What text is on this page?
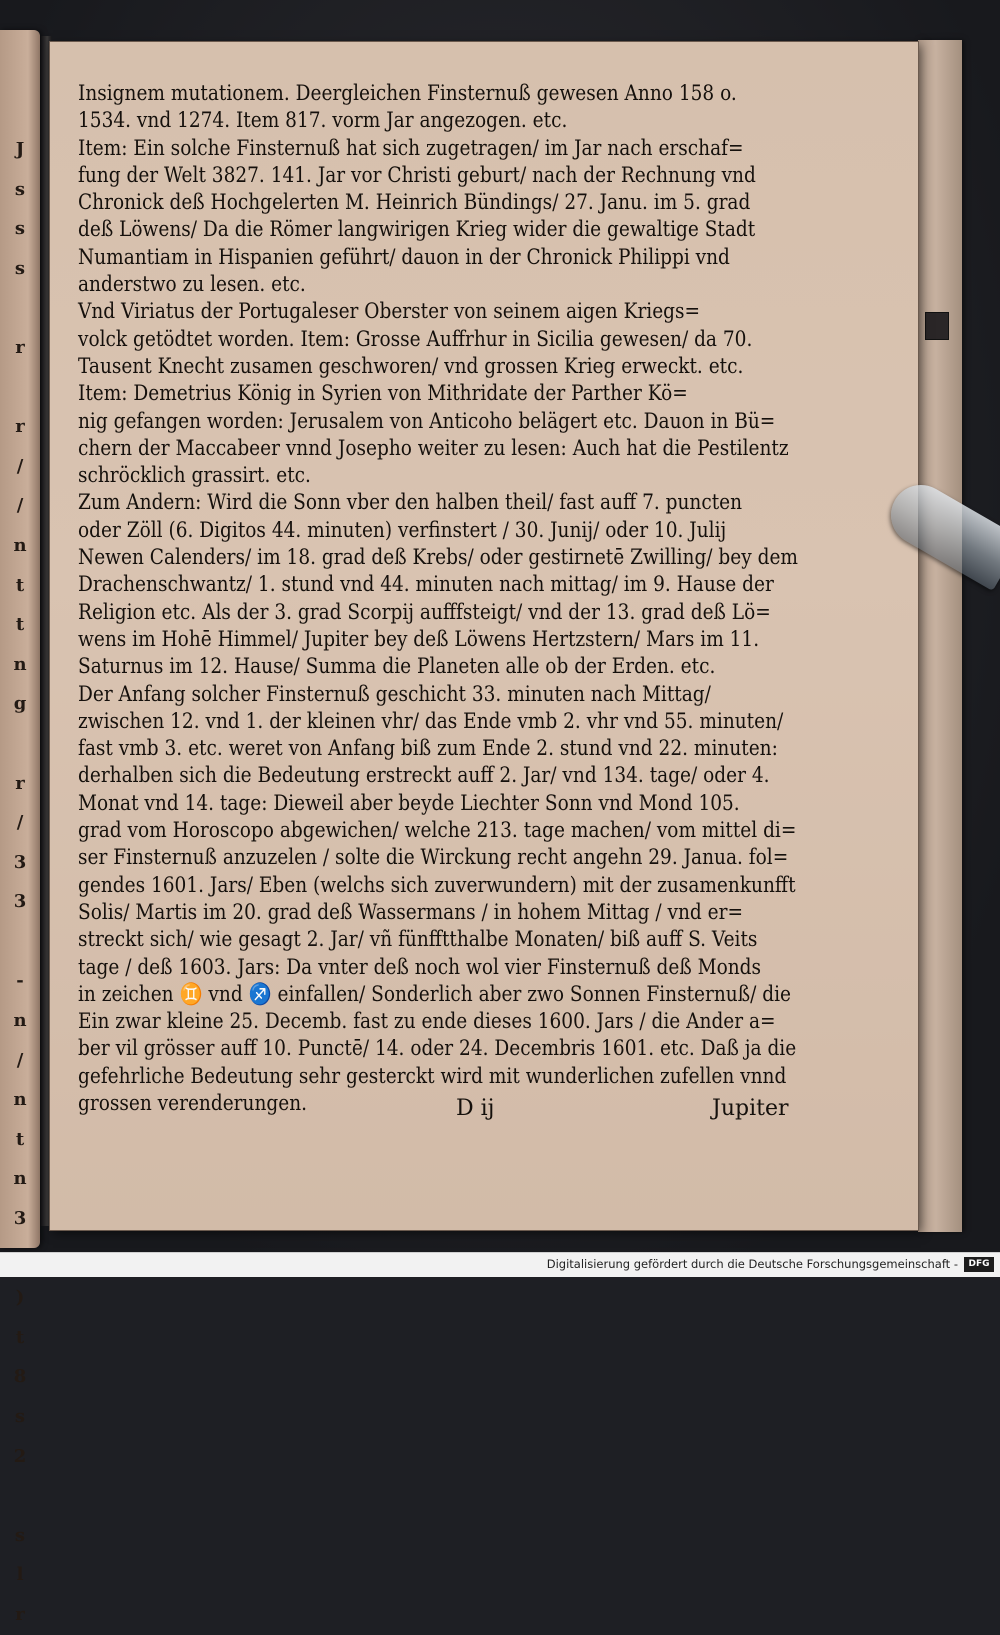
J
s
s
s

r

r
/
/
n
t
t
n
g

r
/
3
3

-
n
/
n
t
n
3

)
t
8
s
2

s
l
r
Insignem mutationem. Deergleichen Finsternuß gewesen Anno 158 o.
1534. vnd 1274. Item 817. vorm Jar angezogen. etc.
Item: Ein solche Finsternuß hat sich zugetragen/ im Jar nach erschaf=
fung der Welt 3827. 141. Jar vor Christi geburt/ nach der Rechnung vnd
Chronick deß Hochgelerten M. Heinrich Bündings/ 27. Janu. im 5. grad
deß Löwens/ Da die Römer langwirigen Krieg wider die gewaltige Stadt
Numantiam in Hispanien geführt/ dauon in der Chronick Philippi vnd
anderstwo zu lesen. etc.
Vnd Viriatus der Portugaleser Oberster von seinem aigen Kriegs=
volck getödtet worden. Item: Grosse Auffrhur in Sicilia gewesen/ da 70.
Tausent Knecht zusamen geschworen/ vnd grossen Krieg erweckt. etc.
Item: Demetrius König in Syrien von Mithridate der Parther Kö=
nig gefangen worden: Jerusalem von Anticoho belägert etc. Dauon in Bü=
chern der Maccabeer vnnd Josepho weiter zu lesen: Auch hat die Pestilentz
schröcklich grassirt. etc.
Zum Andern: Wird die Sonn vber den halben theil/ fast auff 7. puncten
oder Zöll (6. Digitos 44. minuten) verfinstert / 30. Junij/ oder 10. Julij
Newen Calenders/ im 18. grad deß Krebs/ oder gestirnetē Zwilling/ bey dem
Drachenschwantz/ 1. stund vnd 44. minuten nach mittag/ im 9. Hause der
Religion etc. Als der 3. grad Scorpij aufffsteigt/ vnd der 13. grad deß Lö=
wens im Hohē Himmel/ Jupiter bey deß Löwens Hertzstern/ Mars im 11.
Saturnus im 12. Hause/ Summa die Planeten alle ob der Erden. etc.
Der Anfang solcher Finsternuß geschicht 33. minuten nach Mittag/
zwischen 12. vnd 1. der kleinen vhr/ das Ende vmb 2. vhr vnd 55. minuten/
fast vmb 3. etc. weret von Anfang biß zum Ende 2. stund vnd 22. minuten:
derhalben sich die Bedeutung erstreckt auff 2. Jar/ vnd 134. tage/ oder 4.
Monat vnd 14. tage: Dieweil aber beyde Liechter Sonn vnd Mond 105.
grad vom Horoscopo abgewichen/ welche 213. tage machen/ vom mittel di=
ser Finsternuß anzuzelen / solte die Wirckung recht angehn 29. Janua. fol=
gendes 1601. Jars/ Eben (welchs sich zuverwundern) mit der zusamenkunfft
Solis/ Martis im 20. grad deß Wassermans / in hohem Mittag / vnd er=
streckt sich/ wie gesagt 2. Jar/ vñ fünfftthalbe Monaten/ biß auff S. Veits
tage / deß 1603. Jars: Da vnter deß noch wol vier Finsternuß deß Monds
in zeichen ♊ vnd ♐ einfallen/ Sonderlich aber zwo Sonnen Finsternuß/ die
Ein zwar kleine 25. Decemb. fast zu ende dieses 1600. Jars / die Ander a=
ber vil grösser auff 10. Punctē/ 14. oder 24. Decembris 1601. etc. Daß ja die
gefehrliche Bedeutung sehr gesterckt wird mit wunderlichen zufellen vnnd
grossen verenderungen.	D ij	Jupiter
Digitalisierung gefördert durch die Deutsche Forschungsgemeinschaft -	DFG
